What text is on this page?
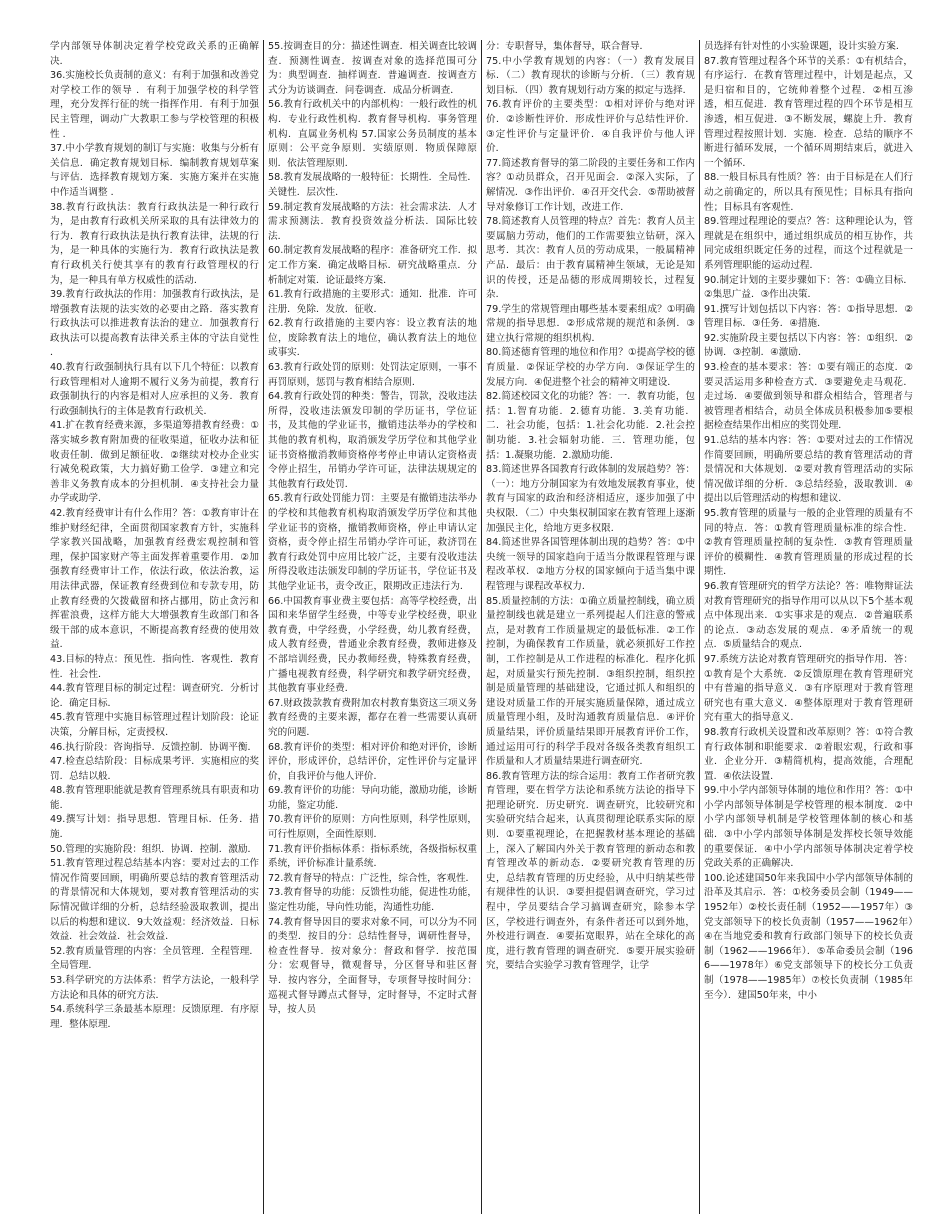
学内部领导体制决定着学校党政关系的正确解决．
36.实施校长负责制的意义：有利于加强和改善党对学校工作的领导 ．有利于加强学校的科学管理，充分发挥行征的统一指挥作用．有利于加强民主管理，调动广大教职工参与学校管理的积极性 ．
37.中小学教育规划的制订与实施：收集与分析有关信息．确定教育规划目标．编制教育规划草案与评估．选择教育规划方案．实施方案并在实施中作适当调整 ．
38.教育行政执法：教育行政执法是一种行政行为，是由教育行政机关所采取的具有法律效力的行为．教育行政执法是执行教育法律，法规的行为，是一种具体的实施行为．教育行政执法是教育行政机关行使其享有的教育行政管理权的行为，是一种具有单方权威性的活动．
39.教育行政执法的作用：加强教育行政执法，是增强教育法规的法实效的必要由之路．落实教育行政执法可以推进教育法治的建立．加强教育行政执法可以提高教育法律关系主体的守法自觉性 ．
40.教育行政强制执行具有以下几个特征：以教育行政管理相对人逾期不履行义务为前提，教育行政强制执行的内容是相对人应承担的义务．教育行政强制执行的主体是教育行政机关．
41.扩在教育经费来源，多渠道筹措教育经费：①落实城乡教育附加费的征收渠道，征收办法和征收责任制．做到足额征收．②继续对校办企业实行减免税政策，大力搞好勤工俭学．③建立和完善非义务教育成本的分担机制．④支持社会力量办学或助学．
42.教育经费审计有什么作用？答：①教育审计在维护财经纪律，全面贯彻国家教育方针，实施科学家教兴国战略，加强教育经费宏观控制和管理，保护国家财产等主面发挥着重要作用．②加强教育经费审计工作，依法行政，依法治教，运用法律武器，保证教育经费到位和专款专用，防止教育经费的欠拨截留和挤占挪用，防止贪污和挥霍浪费，这样方能大大增强教育生政部门和各级干部的成本意识，不断提高教育经费的使用效益．
43.目标的特点：预见性．指向性．客观性．教育性．社会性．
44.教育管理目标的制定过程：调查研究．分析讨论．确定目标．
45.教育管理中实施目标管理过程计划阶段：论证决策，分解目标，定责授权．
46.执行阶段：咨询指导．反馈控制．协调平衡．
47.检查总结阶段：目标成果考评．实施相应的奖罚．总结以般．
48.教育管理职能就是教育管理系统具有职责和功能．
49.撰写计划：指导思想．管理目标．任务．措施．
50.管理的实施阶段：组织．协调．控制．激励．
51.教育管理过程总结基本内容：要对过去的工作情况作简要回顾，明确所要总结的教育管理活动的背景情况和大体规划，要对教育管理活动的实际情况做详细的分析，总结经验汲取教训，提出以后的构想和建议．9大效益观：经济效益．日标效益．社会效益．社会效益．
52.教育质量管理的内容：全员管理．全程管理．全局管理．
53.科学研究的方法体系：哲学方法论，一般科学方法论和具体的研究方法．
54.系统科学三条最基本原理：反馈原理．有序原理．整体原理．
55.按调查目的分：描述性调查．相关调查比较调查．预测性调查．按调查对象的选择范围可分为：典型调查．抽样调查．普遍调查．按调查方式分为访谈调查．问卷调查．成品分析调查．
56.教育行政机关中的内部机构：一般行政性的机构．专业行政性机构．教育督导机构．事务管理机构．直属业务机构 57.国家公务员制度的基本原则：公平竞争原则．实绩原则．物质保障原则．依法管理原则．
58.教育发展战略的一般特征：长期性．全局性．关键性．层次性．
59.制定教育发展战略的方法：社会需求法．人才需求预测法．教育投资效益分析法．国际比较法．
60.制定教育发展战略的程序：准备研究工作．拟定工作方案．确定战略目标．研究战略重点．分析制定对策．论证最终方案．
61.教育行政措施的主要形式：通知．批准．许可注册．免除．发放．征收．
62.教育行政措施的主要内容：设立教育法的地位，废除教育法上的地位，确认教育法上的地位或事实．
63.教育行政处罚的原则：处罚法定原则，一事不再罚原则，惩罚与教育相结合原则．
64.教育行政处罚的种类：警告，罚款，没收违法所得，没收违法颁发印制的学历证书，学位证书，及其他的学业证书，撤销违法举办的学校和其他的教育机构，取消颁发学历学位和其他学业证书资格撤消教师资格停考停止申请认定资格责令停止招生，吊销办学许可证，法律法规规定的其他教育行政处罚．
65.教育行政处罚能力罚：主要是有撤销违法举办的学校和其他教育机构取消颁发学历学位和其他学业证书的资格，撤销教师资格，停止申请认定资格，责令停止招生吊销办学许可证，救济罚在教育行政处罚中应用比较广泛，主要有没收违法所得没收违法颁发印制的学历证书，学位证书及其他学业证书，责令改正，限期改正违法行为．
66.中国教育事业费主要包括：高等学校经费，出国和来华留学生经费，中等专业学校经费，职业教育费，中学经费，小学经费，幼儿教育经费，成人教育经费，普通业余教育经费，教师进修及不部培训经费，民办教师经费，特殊教育经费，广播电视教育经费，科学研究和教学研究经费，其他教育事业经费．
67.财政拨款教育费附加农村教育集资这三项义务教育经费的主要来源，都存在着一些需要认真研究的问题．
68.教育评价的类型：相对评价和绝对评价，诊断评价，形成评价，总结评价，定性评价与定量评价，自我评价与他人评价．
69.教育评价的功能：导向功能，激励功能，诊断功能，鉴定功能．
70.教育评价的原则：方向性原则，科学性原则，可行性原则，全面性原则．
71.教育评价指标体系：指标系统，各级指标权重系统，评价标准计量系统．
72.教育督导的特点：广泛性，综合性，客观性．
73.教育督导的功能：反馈性功能，促进性功能，鉴定性功能，导向性功能，沟通性功能．
74.教育督导因目的要求对象不同，可以分为不同的类型．按目的分：总结性督导，调研性督导，检查性督导．按对象分：督政和督学．按范围分：宏观督导，微观督导，分区督导和驻区督导．按内容分，全面督导，专项督导按时间分：巡视式督导蹲点式督导，定时督导，不定时式督导，按人员
分：专职督导，集体督导，联合督导．
75.中小学教育规划的内容：（一）教育发展目标．（二）教育现状的诊断与分析．（三）教育规划目标．（四）教育规划行动方案的拟定与选择．
76.教育评价的主要类型：①相对评价与绝对评价．②诊断性评价．形成性评价与总结性评价．③定性评价与定量评价．④自我评价与他人评价．
77.简述教育督导的第二阶段的主要任务和工作内容？①动员群众，召开见面会．②深入实际，了解情况．③作出评价．④召开交代会．⑤帮助被督导对象修订工作计划，改进工作．
78.简述教育人员管理的特点？首先：教育人员主要属脑力劳动，他们的工作需要独立钻研，深入思考．其次：教育人员的劳动成果，一般属精神产品．最后：由于教育属精神生领域，无论是知识的传授，还是品德的形成周期较长，过程复杂．
79.学生的常规管理由哪些基本要素组成？①明确常规的指导思想．②形成常规的规范和条例．③建立执行常规的组织机构．
80.简述德育管理的地位和作用？①提高学校的德育质量．②保证学校的办学方向．③保证学生的发展方向．④促进整个社会的精神文明建设．
82.简述校园文化的功能？答：一．教育功能，包括：1.智育功能．2.德育功能．3.美育功能．二．社会功能，包括：1.社会化功能．2.社会控制功能．3.社会辐射功能．三．管理功能，包括：1.凝聚功能．2.激励功能．
83.简述世界各国教育行政体制的发展趋势？答：（一）：地方分制国家为有效地发展教育事业，使教育与国家的政治和经济相适应，逐步加强了中央权限．（二）中央集权制国家在教育管理上逐渐加强民主化，给地方更多权限．
84.简述世界各国管理体制出现的趋势？答：①中央统一领导的国家趋向于适当分散课程管理与课程改革权．②地方分权的国家倾向于适当集中课程管理与课程改革权力．
85.质量控制的方法：①确立质量控制线，确立质量控制线也就是建立一系列提起人们注意的警戒点，是对教育工作质量规定的最低标准．②工作控制，为确保教育工作质量，就必须抓好工作控制，工作控制是从工作进程的标准化．程序化抓起，对质量实行预先控制．③组织控制，组织控制是质量管理的基础建设，它通过抓人和组织的建设对质量工作的开展实施质量保障，通过成立质量管理小组，及时沟通教育质量信息．④评价质量结果，评价质量结果即开展教育评价工作，通过运用可行的科学手段对各级各类教育组织工作质量和人才质量结果进行调查研究．
86.教育管理方法的综合运用：教育工作者研究教育管理，要在哲学方法论和系统方法论的指导下把理论研究．历史研究．调查研究，比较研究和实验研究结合起来，认真贯彻理论联系实际的原则．①要重视理论，在把握教材基本理论的基础上，深入了解国内外关于教育管理的新动态和教育管理改革的新动态．②要研究教育管理的历史，总结教育管理的历史经验，从中归纳某些带有规律性的认识．③要担提倡调查研究，学习过程中，学员要结合学习搞调查研究，除参本学区，学校进行调查外，有条件者还可以到外地，外校进行调查．④要拓宽眼界，站在全球化的高度，进行教育管理的调查研究．⑤要开展实验研究，要结合实验学习教育管理学，让学
员选择有针对性的小实验课题，设计实验方案．
87.教育管理过程各个环节的关系：①有机结合，有序运行．在教育管理过程中，计划是起点，又是归宿和目的，它统帅着整个过程．②相互渗透，相互促进．教育管理过程的四个环节是相互渗透，相互促进．③不断发展，螺旋上升．教育管理过程按照计划．实施．检查．总结的顺序不断进行循环发展，一个循环周期结束后，就进入一个循环．
88.一般目标具有性质？答：由于目标是在人们行动之前确定的，所以具有预见性；目标具有指向性；目标具有客观性．
89.管理过程理论的要点？答：这种理论认为，管理就是在组织中，通过组织成员的相互协作，共同完成组织既定任务的过程，而这个过程就是一系列管理职能的运动过程．
90.制定计划的主要步骤如下：答：①确立目标．②集思广益．③作出决策．
91.撰写计划包括以下内容：答：①指导思想．②管理目标．③任务．④措施．
92.实施阶段主要包括以下内容：答：①组织．②协调．③控制．④激励．
93.检查的基本要求：答：①要有端正的态度．②要灵活运用多种检查方式．③要避免走马观花．走过场．④要做到领导和群众相结合，管理者与被管理者相结合，动员全体成员积极参加⑤要根据检查结果作出相应的奖罚处理．
91.总结的基本内容：答：①要对过去的工作情况作简要回顾，明确所要总结的教育管理活动的背景情况和大体规划．②要对教育管理活动的实际情况做详细的分析．③总结经验，汲取教训．④提出以后管理活动的构想和建议．
95.教育管理的质量与一般的企业管理的质量有不同的特点．答：①教育管理质量标准的综合性．②教育管理质量控制的复杂性．③教育管理质量评价的模糊性．④教育管理质量的形成过程的长期性．
96.教育管理研究的哲学方法论？答：唯物辩证法对教育管理研究的指导作用可以从以下5个基本观点中体现出来．①实事求是的观点．②普遍联系的论点．③动态发展的观点．④矛盾统一的观点．⑤质量结合的观点．
97.系统方法论对教育管理研究的指导作用．答：①教育是个大系统．②反馈原理在教育管理研究中有普遍的指导意义．③有序原理对于教育管理研究也有重大意义．④整体原理对于教育管理研究有重大的指导意义．
98.教育行政机关设置和改革原则？答：①符合教育行政体制和职能要求．②着眼宏观，行政和事业．企业分开．③精简机构，提高效能，合理配置．④依法设置．
99.中小学内部领导体制的地位和作用？答：①中小学内部领导体制是学校管理的根本制度．②中小学内部领导机制是学校管理体制的核心和基础．③中小学内部领导体制是发挥校长领导效能的重要保证．④中小学内部领导体制决定着学校党政关系的正确解决．
100.论述建国50年来我国中小学内部领导体制的沿革及其启示．答：①校务委员会制（1949——1952年）②校长责任制（1952——1957年）③党支部领导下的校长负责制（1957——1962年）④在当地党委和教育行政部门领导下的校长负责制（1962——1966年）．⑤革命委员会制（1966——1978年）⑥党支部领导下的校长分工负责制（1978——1985年）⑦校长负责制（1985年至今）．建国50年来，中小
